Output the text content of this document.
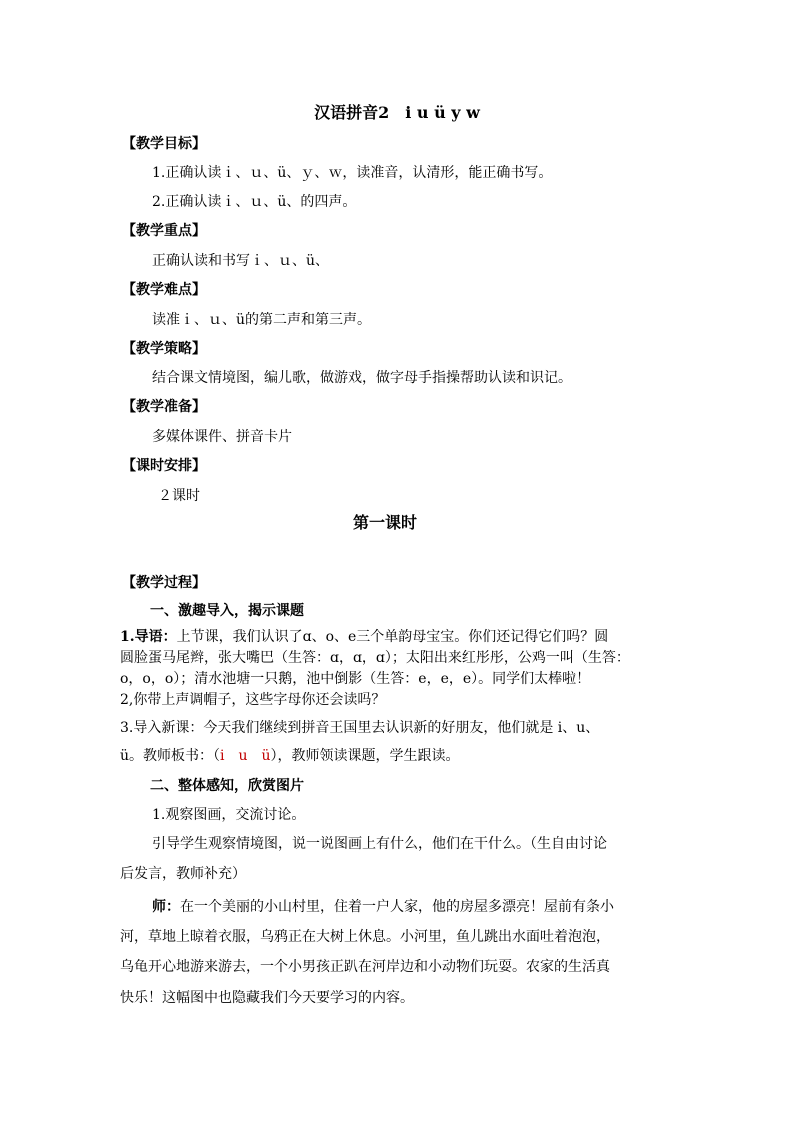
汉语拼音2　i u ü y w
【教学目标】
1.正确认读ｉ、ｕ、ü、ｙ、ｗ，读准音，认清形，能正确书写。
2.正确认读ｉ、ｕ、ü、的四声。
【教学重点】
正确认读和书写ｉ、ｕ、ü、
【教学难点】
读准ｉ、ｕ、ü的第二声和第三声。
【教学策略】
结合课文情境图，编儿歌，做游戏，做字母手指操帮助认读和识记。
【教学准备】
多媒体课件、拼音卡片
【课时安排】
２课时
第一课时
【教学过程】
一、激趣导入，揭示课题
1.导语：上节课，我们认识了ɑ、o、e三个单韵母宝宝。你们还记得它们吗？圆
圆脸蛋马尾辫，张大嘴巴（生答：ɑ，ɑ，ɑ）；太阳出来红彤彤，公鸡一叫（生答：
o，o，o）；清水池塘一只鹅，池中倒影（生答：e，e，e）。同学们太棒啦！
2,你带上声调帽子，这些字母你还会读吗？
3.导入新课：今天我们继续到拼音王国里去认识新的好朋友，他们就是 i、u、
ü。教师板书：（i　u　ü），教师领读课题，学生跟读。
二、整体感知，欣赏图片
1.观察图画，交流讨论。
引导学生观察情境图，说一说图画上有什么，他们在干什么。（生自由讨论
后发言，教师补充）
师：在一个美丽的小山村里，住着一户人家，他的房屋多漂亮！屋前有条小
河，草地上晾着衣服，乌鸦正在大树上休息。小河里，鱼儿跳出水面吐着泡泡，
乌龟开心地游来游去，一个小男孩正趴在河岸边和小动物们玩耍。农家的生活真
快乐！这幅图中也隐藏我们今天要学习的内容。
